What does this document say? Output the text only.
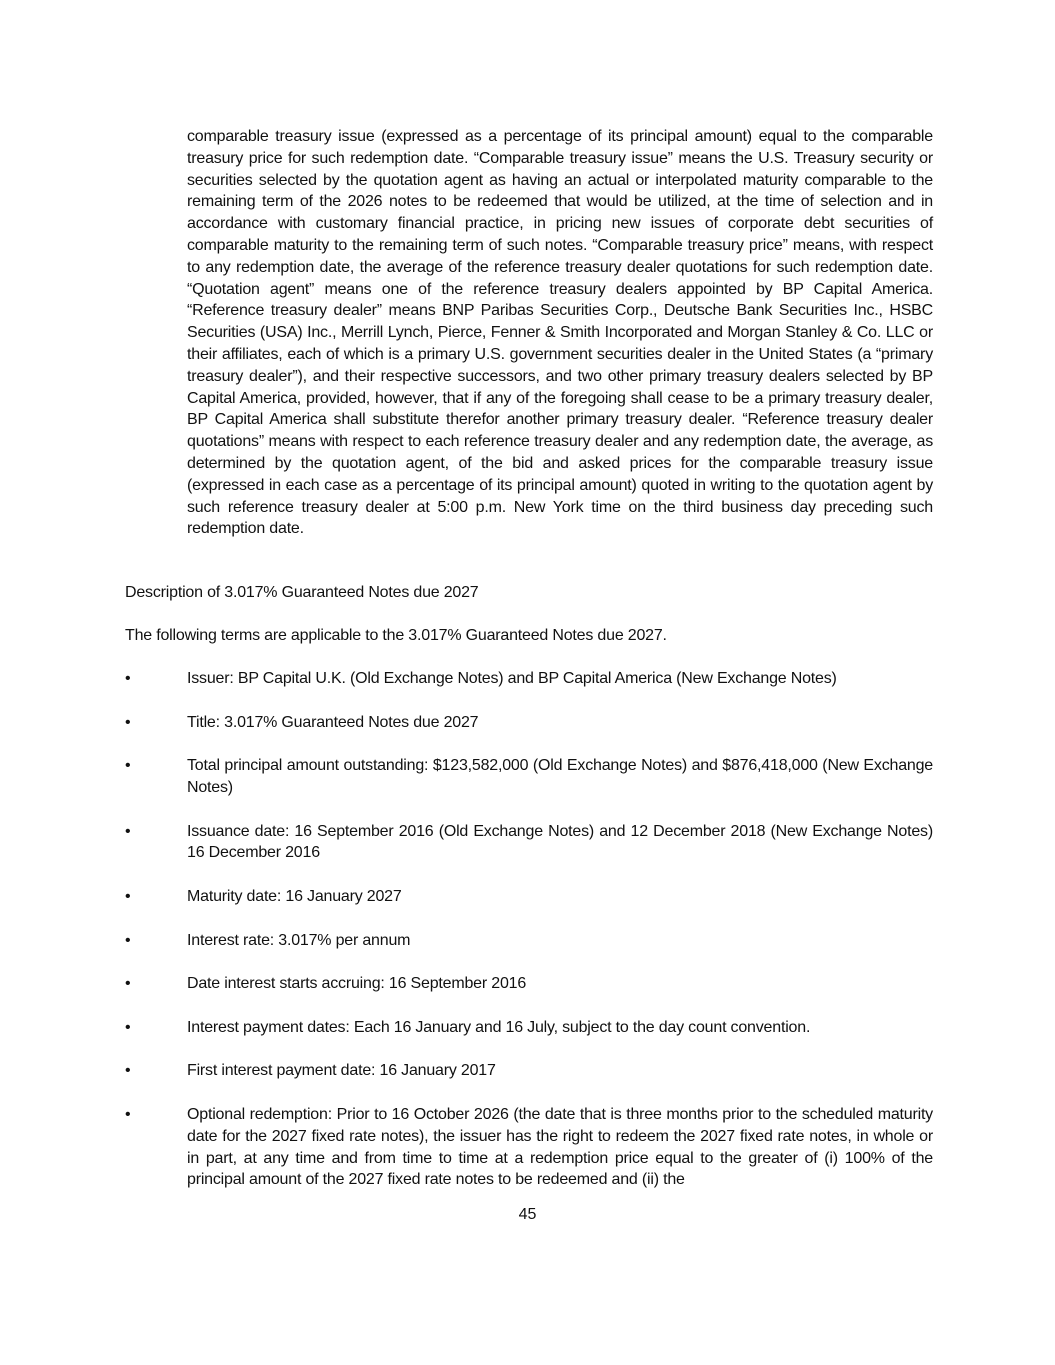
comparable treasury issue (expressed as a percentage of its principal amount) equal to the comparable treasury price for such redemption date. “Comparable treasury issue” means the U.S. Treasury security or securities selected by the quotation agent as having an actual or interpolated maturity comparable to the remaining term of the 2026 notes to be redeemed that would be utilized, at the time of selection and in accordance with customary financial practice, in pricing new issues of corporate debt securities of comparable maturity to the remaining term of such notes. “Comparable treasury price” means, with respect to any redemption date, the average of the reference treasury dealer quotations for such redemption date. “Quotation agent” means one of the reference treasury dealers appointed by BP Capital America. “Reference treasury dealer” means BNP Paribas Securities Corp., Deutsche Bank Securities Inc., HSBC Securities (USA) Inc., Merrill Lynch, Pierce, Fenner & Smith Incorporated and Morgan Stanley & Co. LLC or their affiliates, each of which is a primary U.S. government securities dealer in the United States (a “primary treasury dealer”), and their respective successors, and two other primary treasury dealers selected by BP Capital America, provided, however, that if any of the foregoing shall cease to be a primary treasury dealer, BP Capital America shall substitute therefor another primary treasury dealer. “Reference treasury dealer quotations” means with respect to each reference treasury dealer and any redemption date, the average, as determined by the quotation agent, of the bid and asked prices for the comparable treasury issue (expressed in each case as a percentage of its principal amount) quoted in writing to the quotation agent by such reference treasury dealer at 5:00 p.m. New York time on the third business day preceding such redemption date.

Description of 3.017% Guaranteed Notes due 2027
The following terms are applicable to the 3.017% Guaranteed Notes due 2027.
•	Issuer: BP Capital U.K. (Old Exchange Notes) and BP Capital America (New Exchange Notes)
•	Title: 3.017% Guaranteed Notes due 2027
•	Total principal amount outstanding: $123,582,000 (Old Exchange Notes) and $876,418,000 (New Exchange Notes)
•	Issuance date: 16 September 2016 (Old Exchange Notes) and 12 December 2018 (New Exchange Notes) 16 December 2016
•	Maturity date: 16 January 2027
•	Interest rate: 3.017% per annum
•	Date interest starts accruing: 16 September 2016
•	Interest payment dates: Each 16 January and 16 July, subject to the day count convention.
•	First interest payment date: 16 January 2017
•	Optional redemption: Prior to 16 October 2026 (the date that is three months prior to the scheduled maturity date for the 2027 fixed rate notes), the issuer has the right to redeem the 2027 fixed rate notes, in whole or in part, at any time and from time to time at a redemption price equal to the greater of (i) 100% of the principal amount of the 2027 fixed rate notes to be redeemed and (ii) the
45
